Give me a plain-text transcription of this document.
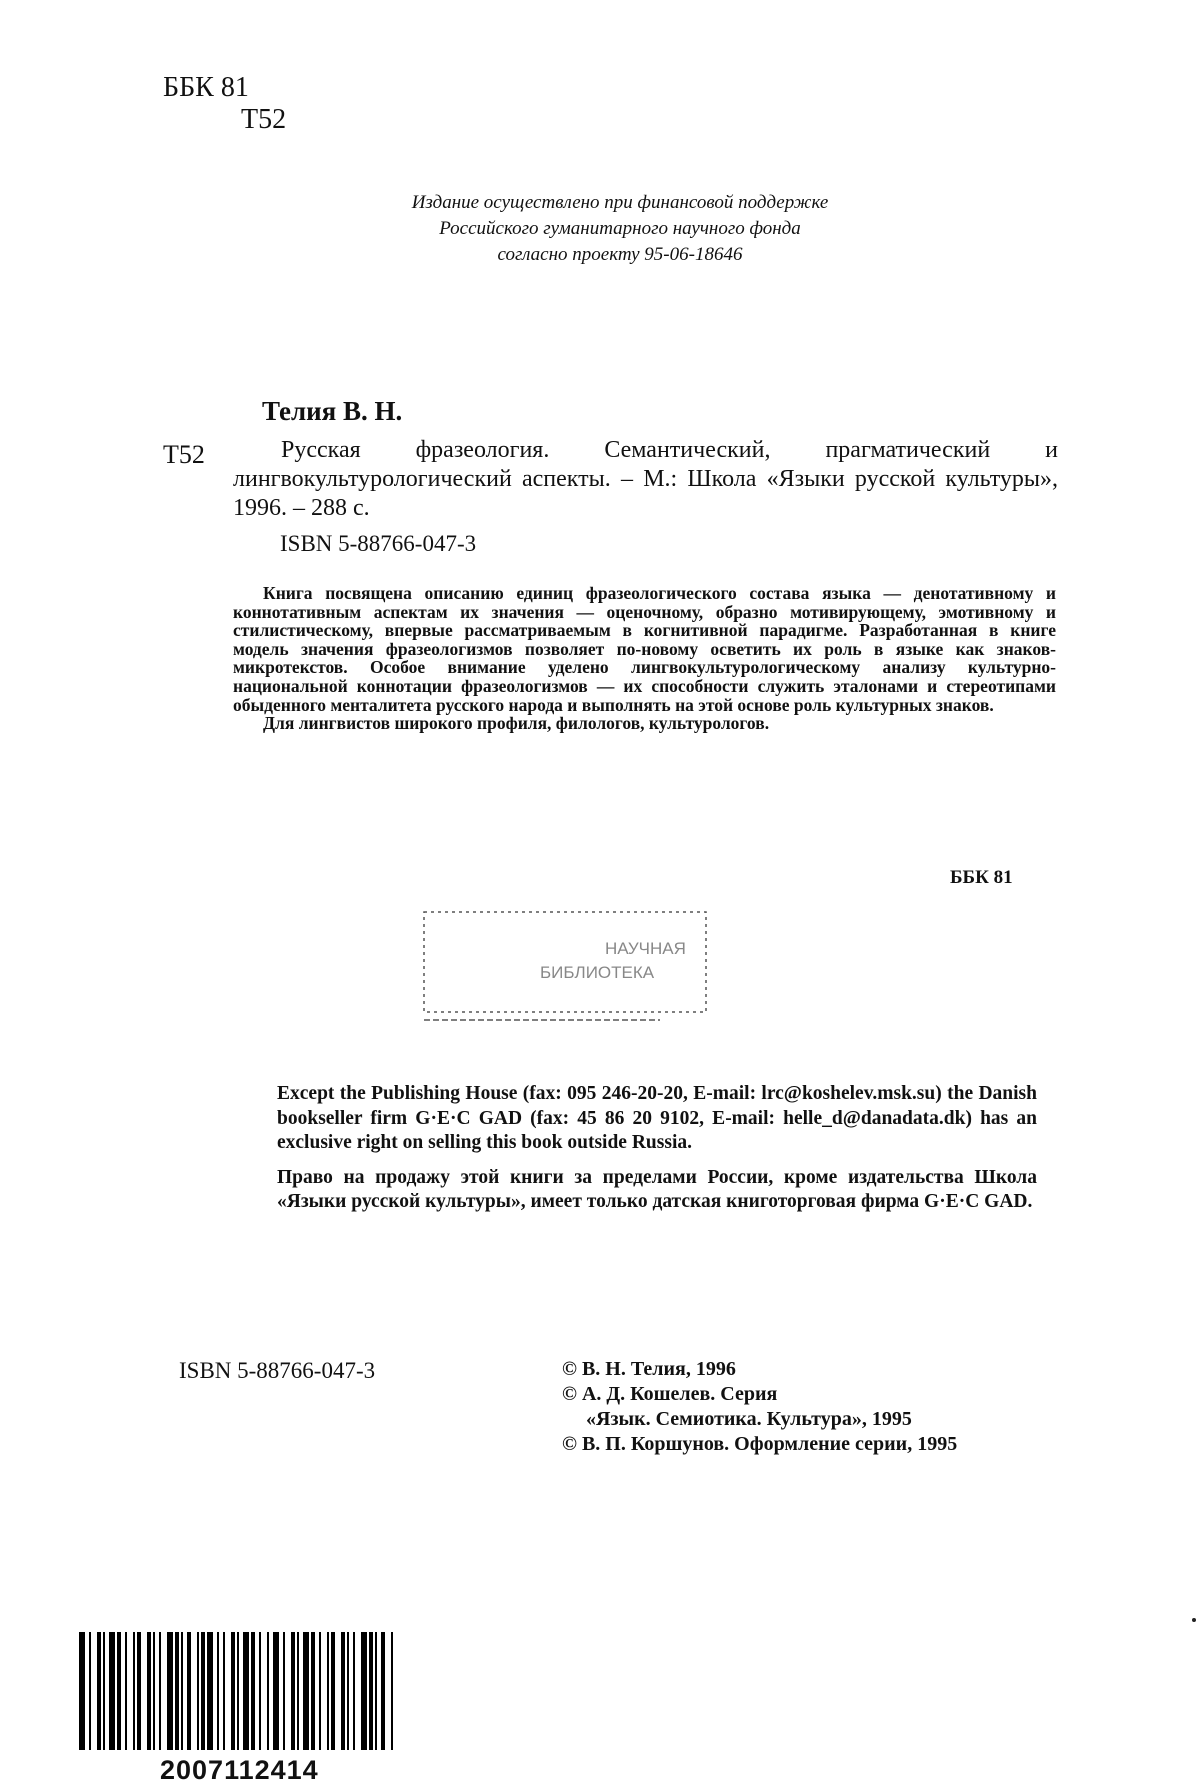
ББК 81
Т52
Издание осуществлено при финансовой поддержке
Российского гуманитарного научного фонда
согласно проекту 95-06-18646
Телия В. Н.
Т52	Русская фразеология. Семантический, прагматический и лингвокультурологический аспекты. – М.: Школа «Языки русской культуры», 1996. – 288 с.
ISBN 5-88766-047-3

Книга посвящена описанию единиц фразеологического состава языка — денотативному и коннотативным аспектам их значения — оценочному, образно мотивирующему, эмотивному и стилистическому, впервые рассматриваемым в когнитивной парадигме. Разработанная в книге модель значения фразеологизмов позволяет по-новому осветить их роль в языке как знаков-микротекстов. Особое внимание уделено лингвокультурологическому анализу культурно-национальной коннотации фразеологизмов — их способности служить эталонами и стереотипами обыденного менталитета русского народа и выполнять на этой основе роль культурных знаков.

Для лингвистов широкого профиля, филологов, культурологов.

ББК 81
НАУЧНАЯ
БИБЛИОТЕКА

Except the Publishing House (fax: 095 246-20-20, E-mail: lrc@koshelev.msk.su) the Danish bookseller firm G·E·C GAD (fax: 45 86 20 9102, E-mail: helle_d@danadata.dk) has an exclusive right on selling this book outside Russia.

Право на продажу этой книги за пределами России, кроме издательства Школа «Языки русской культуры», имеет только датская книготорговая фирма G·E·C GAD.

ISBN 5-88766-047-3	© В. Н. Телия, 1996
© А. Д. Кошелев. Серия
«Язык. Семиотика. Культура», 1995
© В. П. Коршунов. Оформление серии, 1995
2007112414
